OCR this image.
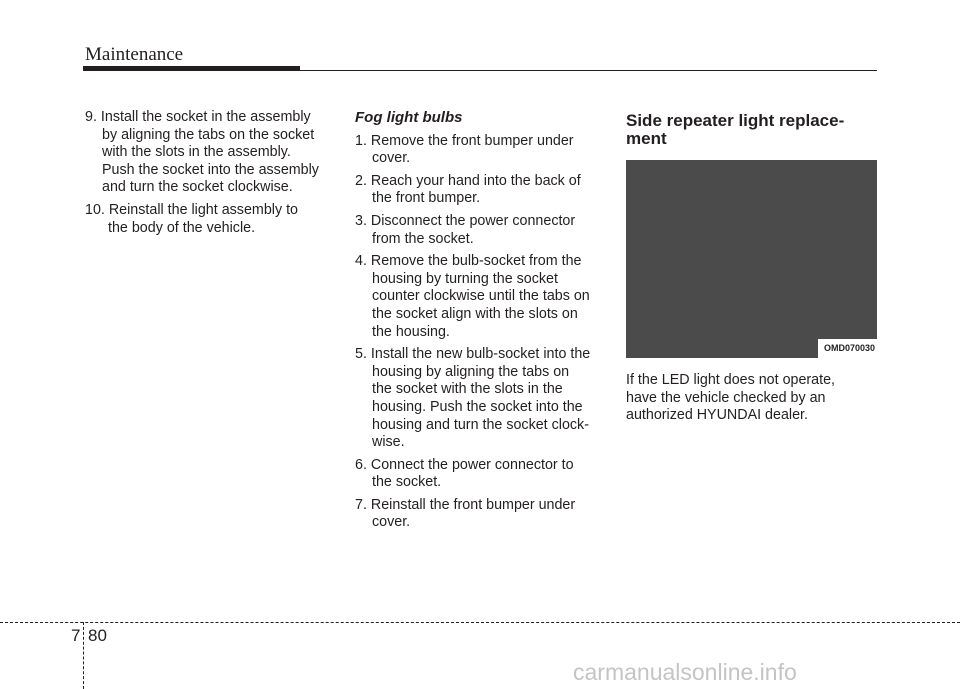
Maintenance
9. Install the socket in the assembly
by aligning the tabs on the socket
with the slots in the assembly.
Push the socket into the assembly
and turn the socket clockwise.
10. Reinstall the light assembly to
the body of the vehicle.
Fog light bulbs
1. Remove the front bumper under
cover.
2. Reach your hand into the back of
the front bumper.
3. Disconnect the power connector
from the socket.
4. Remove the bulb-socket from the
housing by turning the socket
counter clockwise until the tabs on
the socket align with the slots on
the housing.
5. Install the new bulb-socket into the
housing by aligning the tabs on
the socket with the slots in the
housing. Push the socket into the
housing and turn the socket clock-
wise.
6. Connect the power connector to
the socket.
7. Reinstall the front bumper under
cover.
Side repeater light replace-
ment
OMD070030
If the LED light does not operate,
have the vehicle checked by an
authorized HYUNDAI dealer.
7 80
carmanualsonline.info
